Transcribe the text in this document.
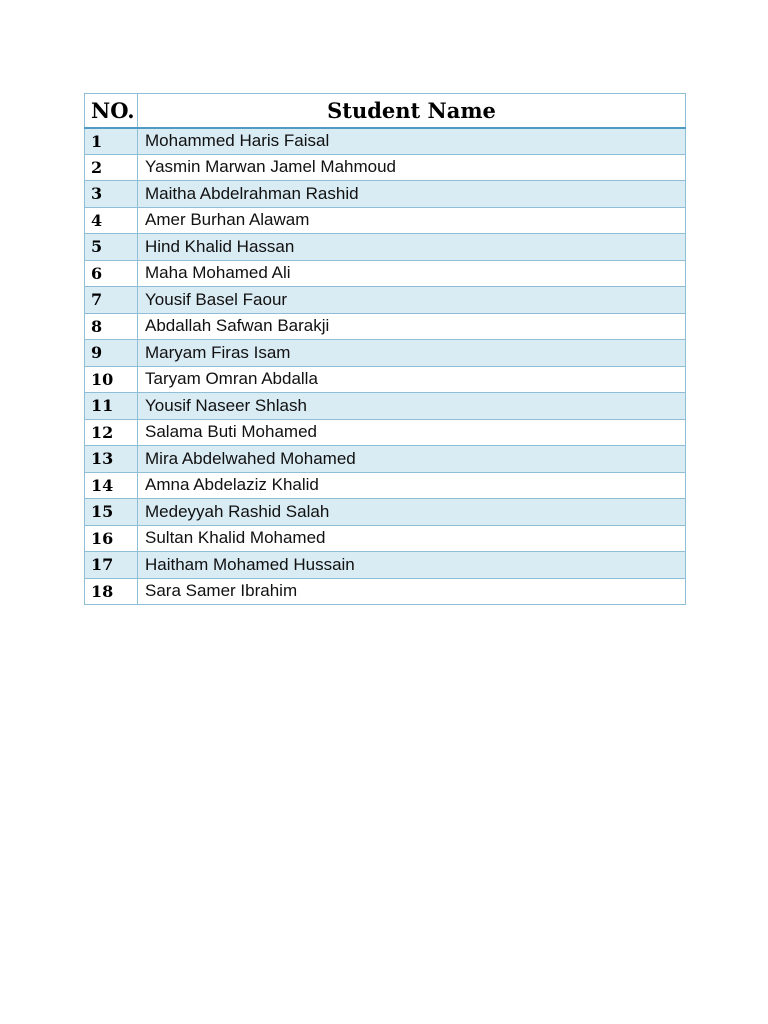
NO.	Student Name
1	Mohammed Haris Faisal
2	Yasmin Marwan Jamel Mahmoud
3	Maitha Abdelrahman Rashid
4	Amer Burhan Alawam
5	Hind Khalid Hassan
6	Maha Mohamed Ali
7	Yousif Basel Faour
8	Abdallah Safwan Barakji
9	Maryam Firas Isam
10	Taryam Omran Abdalla
11	Yousif Naseer Shlash
12	Salama Buti Mohamed
13	Mira Abdelwahed Mohamed
14	Amna Abdelaziz Khalid
15	Medeyyah Rashid Salah
16	Sultan Khalid Mohamed
17	Haitham Mohamed Hussain
18	Sara Samer Ibrahim
